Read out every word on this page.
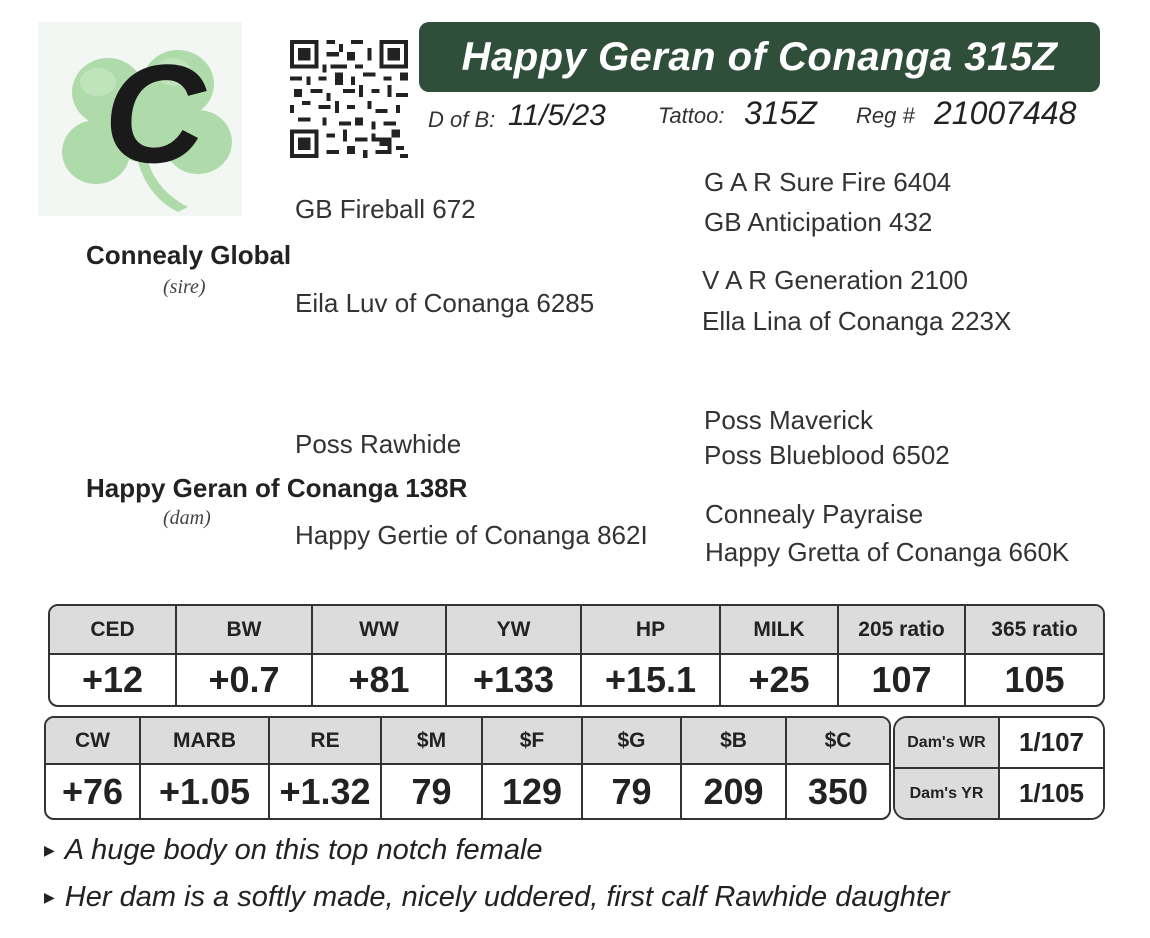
C	Happy Geran of Conanga 315Z
D of B: 11/5/23 Tattoo: 315Z Reg # 21007448
G A R Sure Fire 6404
GB Fireball 672	GB Anticipation 432
Connealy Global
(sire)	V A R Generation 2100
Eila Luv of Conanga 6285
Ella Lina of Conanga 223X
Poss Maverick
Poss Rawhide	Poss Blueblood 6502
Happy Geran of Conanga 138R
(dam)	Connealy Payraise
Happy Gertie of Conanga 862I
Happy Gretta of Conanga 660K
CED	BW	WW	YW	HP	MILK	205 ratio	365 ratio
+12	+0.7	+81	+133	+15.1	+25	107	105
CW	MARB	RE	$M	$F	$G	$B	$C
+76	+1.05	+1.32	79	129	79	209	350
Dam's WR	1/107
Dam's YR	1/105
▶ A huge body on this top notch female
▶ Her dam is a softly made, nicely uddered, first calf Rawhide daughter
